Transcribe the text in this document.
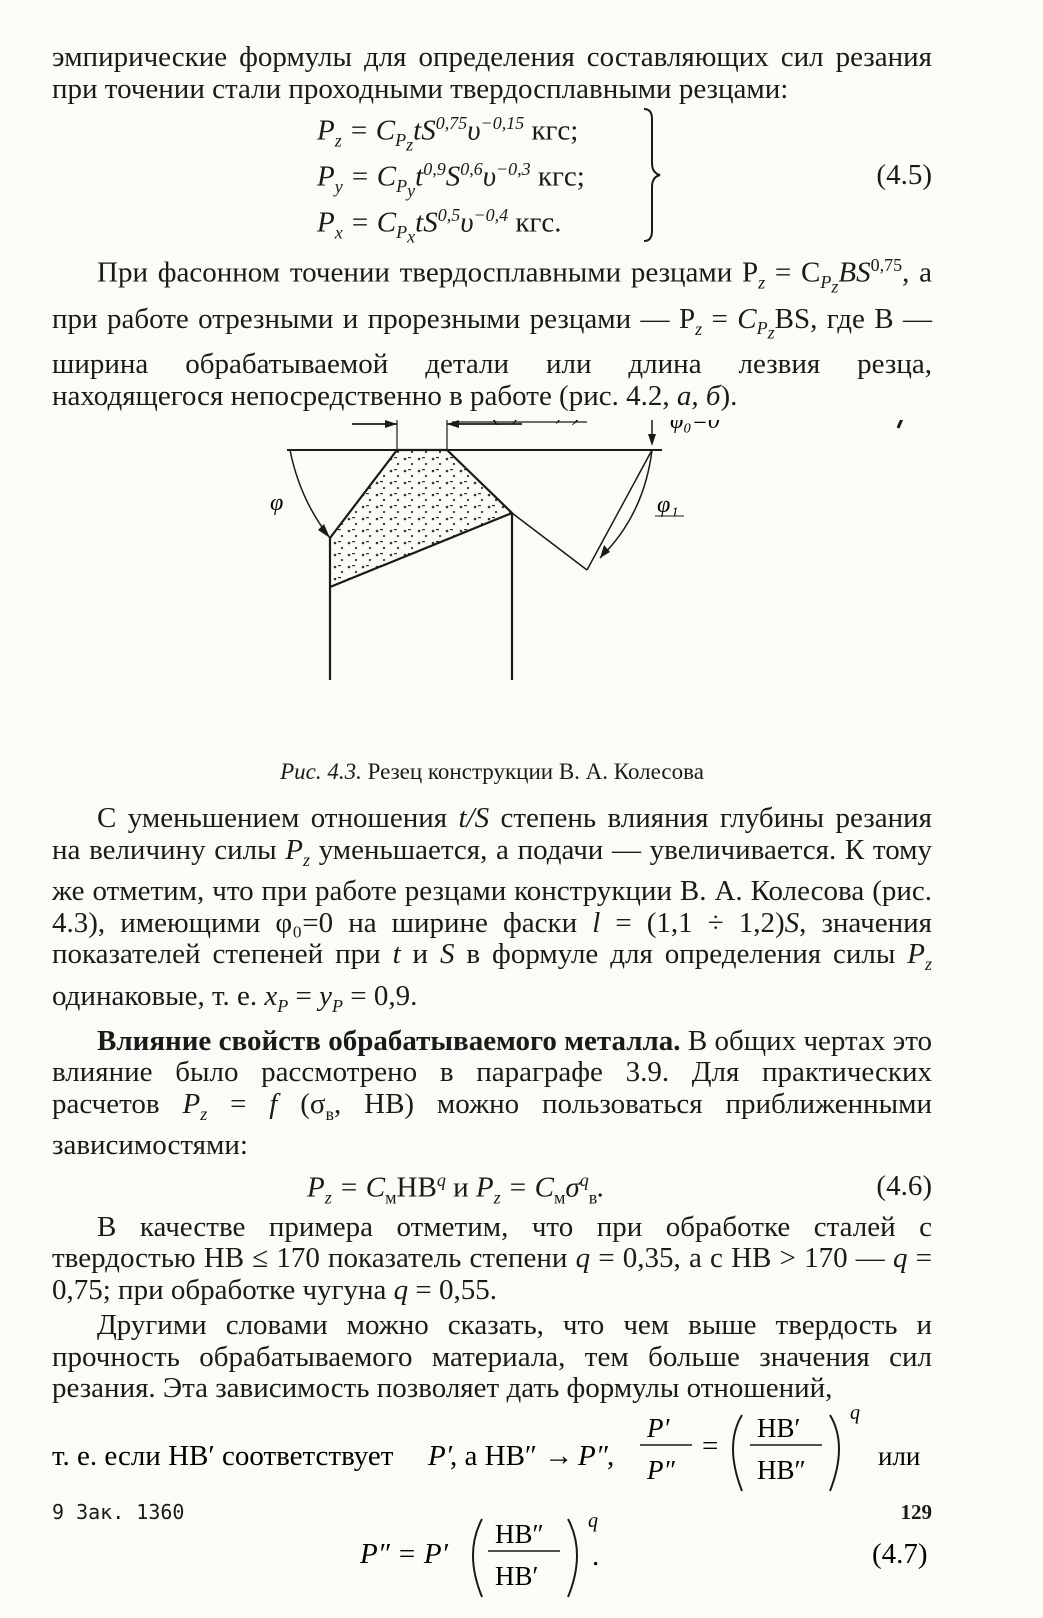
эмпирические формулы для определения составляющих сил резания при точении стали проходными твердосплавными резцами:

$P_z = C_{P_z}tS^{0,75}\upsilon^{-0,15}$ кгс;
$P_y = C_{P_y}t^{0,9}S^{0,6}\upsilon^{-0,3}$ кгс;
$P_x = C_{P_x}tS^{0,5}\upsilon^{-0,4}$ кгс.
(4.5)

При фасонном точении твердосплавными резцами $P_z = C_{P_z}BS^{0,75}$, а при работе отрезными и прорезными резцами — $P_z = C_{P_z}BS$, где B — ширина обрабатываемой детали или длина лезвия резца, находящегося непосредственно в работе (рис. 4.2, а, б).

φ₀=0
φ	φ₁
Рис. 4.3. Резец конструкции В. А. Колесова

С уменьшением отношения t/S степень влияния глубины резания на величину силы $P_z$ уменьшается, а подачи — увеличивается. К тому же отметим, что при работе резцами конструкции В. А. Колесова (рис. 4.3), имеющими φ₀=0 на ширине фаски l = (1,1 ÷ 1,2)S, значения показателей степеней при t и S в формуле для определения силы $P_z$ одинаковые, т. е. $x_P = y_P = 0,9$.

Влияние свойств обрабатываемого металла. В общих чертах это влияние было рассмотрено в параграфе 3.9. Для практических расчетов $P_z = f$ ($\sigma_в$, НВ) можно пользоваться приближенными зависимостями:

$P_z = C_мНВ^q$ и $P_z = C_м\sigma^q_в$.	(4.6)

В качестве примера отметим, что при обработке сталей с твердостью НВ ≤ 170 показатель степени q = 0,35, а с НВ > 170 — q = 0,75; при обработке чугуна q = 0,55.

Другими словами можно сказать, что чем выше твердость и прочность обрабатываемого материала, тем больше значения сил резания. Эта зависимость позволяет дать формулы отношений,

т. е. если НВ′ соответствует P′
, а НВ″ → P″ ,
P′
P″
=
НВ′
НВ″
q
или
P″ = P′
НВ″
НВ′
q
.	(4.7)
9 Зак. 1360	129
